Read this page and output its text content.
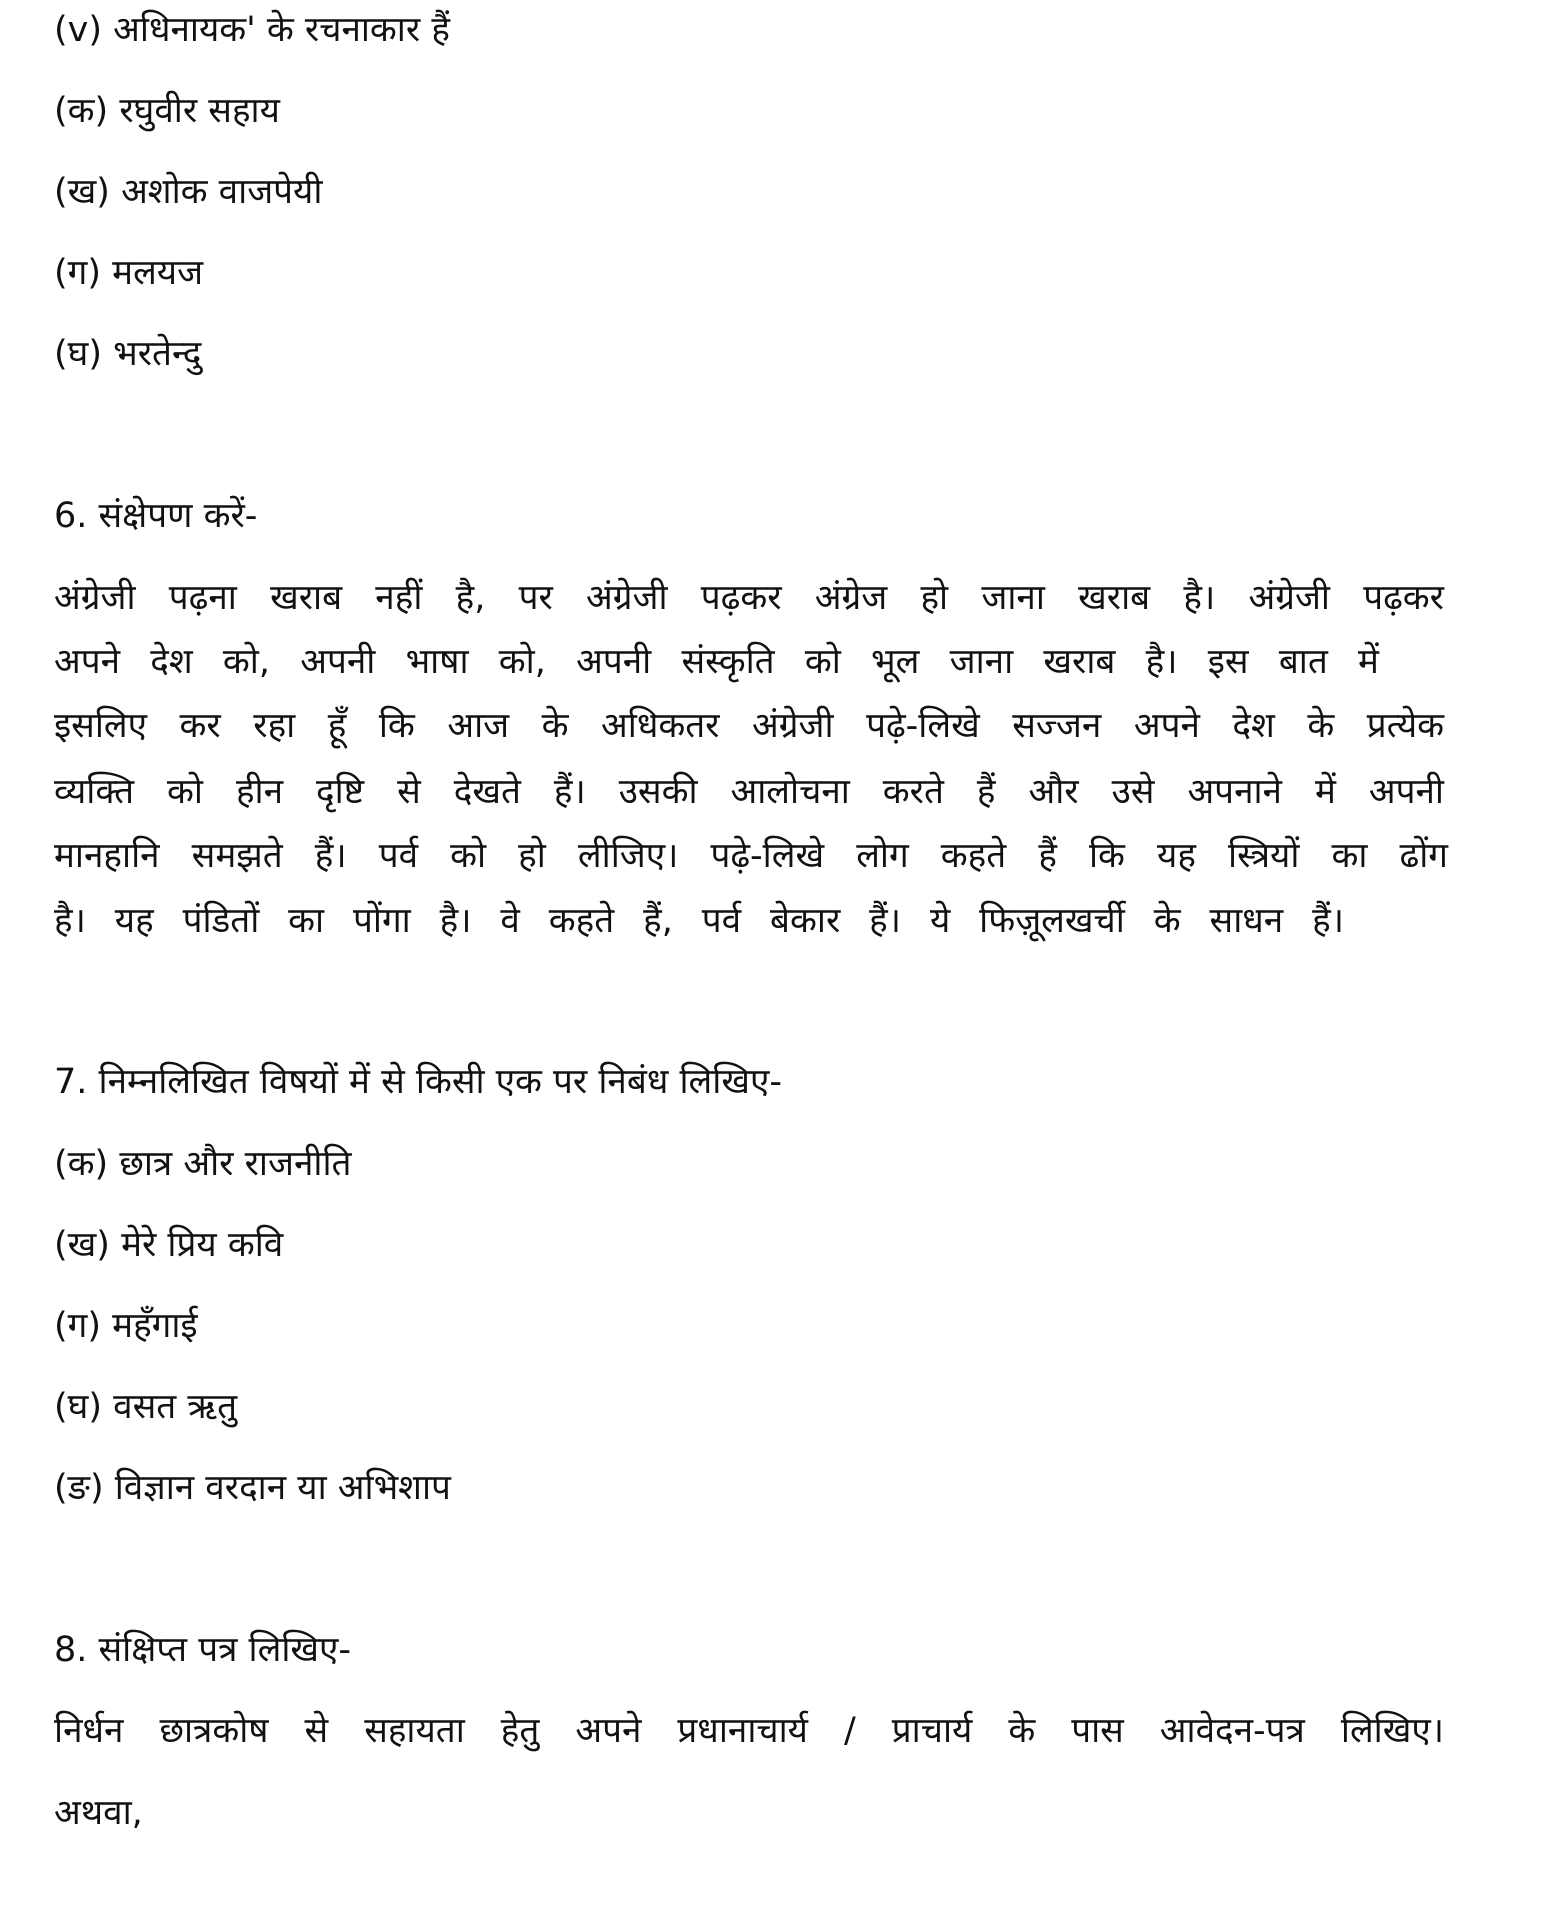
(v) अधिनायक' के रचनाकार हैं
(क) रघुवीर सहाय
(ख) अशोक वाजपेयी
(ग) मलयज
(घ) भरतेन्दु
6. संक्षेपण करें-
अंग्रेजी पढ़ना खराब नहीं है, पर अंग्रेजी पढ़कर अंग्रेज हो जाना खराब है। अंग्रेजी पढ़कर
अपने देश को, अपनी भाषा को, अपनी संस्कृति को भूल जाना खराब है। इस बात में
इसलिए कर रहा हूँ कि आज के अधिकतर अंग्रेजी पढ़े-लिखे सज्जन अपने देश के प्रत्येक
व्यक्ति को हीन दृष्टि से देखते हैं। उसकी आलोचना करते हैं और उसे अपनाने में अपनी
मानहानि समझते हैं। पर्व को हो लीजिए। पढ़े-लिखे लोग कहते हैं कि यह स्त्रियों का ढोंग
है। यह पंडितों का पोंगा है। वे कहते हैं, पर्व बेकार हैं। ये फिज़ूलखर्ची के साधन हैं।
7. निम्नलिखित विषयों में से किसी एक पर निबंध लिखिए-
(क) छात्र और राजनीति
(ख) मेरे प्रिय कवि
(ग) महँगाई
(घ) वसत ऋतु
(ङ) विज्ञान वरदान या अभिशाप
8. संक्षिप्त पत्र लिखिए-
निर्धन छात्रकोष से सहायता हेतु अपने प्रधानाचार्य / प्राचार्य के पास आवेदन-पत्र लिखिए।
अथवा,
